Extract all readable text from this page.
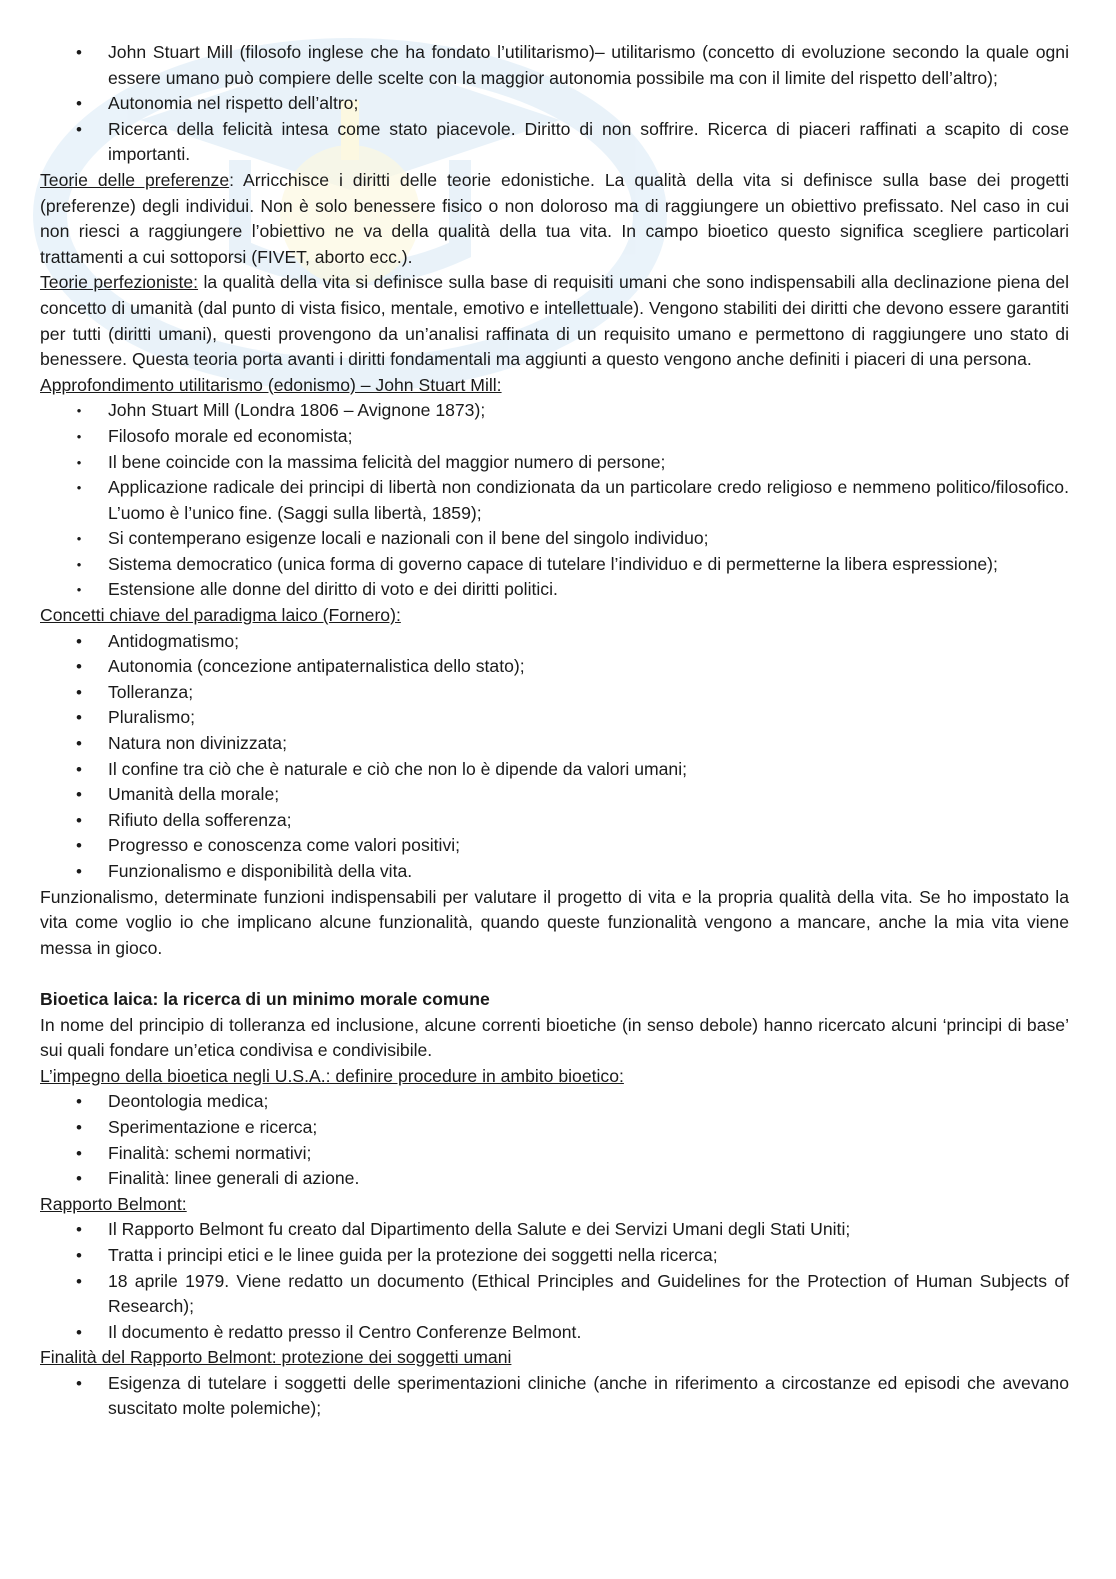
• John Stuart Mill (filosofo inglese che ha fondato l’utilitarismo)– utilitarismo (concetto di evoluzione secondo la quale ogni essere umano può compiere delle scelte con la maggior autonomia possibile ma con il limite del rispetto dell’altro);
• Autonomia nel rispetto dell’altro;
• Ricerca della felicità intesa come stato piacevole. Diritto di non soffrire. Ricerca di piaceri raffinati a scapito di cose importanti.

Teorie delle preferenze: Arricchisce i diritti delle teorie edonistiche. La qualità della vita si definisce sulla base dei progetti (preferenze) degli individui. Non è solo benessere fisico o non doloroso ma di raggiungere un obiettivo prefissato. Nel caso in cui non riesci a raggiungere l’obiettivo ne va della qualità della tua vita. In campo bioetico questo significa scegliere particolari trattamenti a cui sottoporsi (FIVET, aborto ecc.).

Teorie perfezioniste: la qualità della vita si definisce sulla base di requisiti umani che sono indispensabili alla declinazione piena del concetto di umanità (dal punto di vista fisico, mentale, emotivo e intellettuale). Vengono stabiliti dei diritti che devono essere garantiti per tutti (diritti umani), questi provengono da un’analisi raffinata di un requisito umano e permettono di raggiungere uno stato di benessere. Questa teoria porta avanti i diritti fondamentali ma aggiunti a questo vengono anche definiti i piaceri di una persona.

Approfondimento utilitarismo (edonismo) – John Stuart Mill:

• John Stuart Mill (Londra 1806 – Avignone 1873);
• Filosofo morale ed economista;
• Il bene coincide con la massima felicità del maggior numero di persone;
• Applicazione radicale dei principi di libertà non condizionata da un particolare credo religioso e nemmeno politico/filosofico. L’uomo è l’unico fine. (Saggi sulla libertà, 1859);
• Si contemperano esigenze locali e nazionali con il bene del singolo individuo;
• Sistema democratico (unica forma di governo capace di tutelare l’individuo e di permetterne la libera espressione);
• Estensione alle donne del diritto di voto e dei diritti politici.

Concetti chiave del paradigma laico (Fornero):

• Antidogmatismo;
• Autonomia (concezione antipaternalistica dello stato);
• Tolleranza;
• Pluralismo;
• Natura non divinizzata;
• Il confine tra ciò che è naturale e ciò che non lo è dipende da valori umani;
• Umanità della morale;
• Rifiuto della sofferenza;
• Progresso e conoscenza come valori positivi;
• Funzionalismo e disponibilità della vita.

Funzionalismo, determinate funzioni indispensabili per valutare il progetto di vita e la propria qualità della vita. Se ho impostato la vita come voglio io che implicano alcune funzionalità, quando queste funzionalità vengono a mancare, anche la mia vita viene messa in gioco.

Bioetica laica: la ricerca di un minimo morale comune

In nome del principio di tolleranza ed inclusione, alcune correnti bioetiche (in senso debole) hanno ricercato alcuni ‘principi di base’ sui quali fondare un’etica condivisa e condivisibile.

L’impegno della bioetica negli U.S.A.: definire procedure in ambito bioetico:

• Deontologia medica;
• Sperimentazione e ricerca;
• Finalità: schemi normativi;
• Finalità: linee generali di azione.

Rapporto Belmont:

• Il Rapporto Belmont fu creato dal Dipartimento della Salute e dei Servizi Umani degli Stati Uniti;
• Tratta i principi etici e le linee guida per la protezione dei soggetti nella ricerca;
• 18 aprile 1979. Viene redatto un documento (Ethical Principles and Guidelines for the Protection of Human Subjects of Research);
• Il documento è redatto presso il Centro Conferenze Belmont.

Finalità del Rapporto Belmont: protezione dei soggetti umani

• Esigenza di tutelare i soggetti delle sperimentazioni cliniche (anche in riferimento a circostanze ed episodi che avevano suscitato molte polemiche);
